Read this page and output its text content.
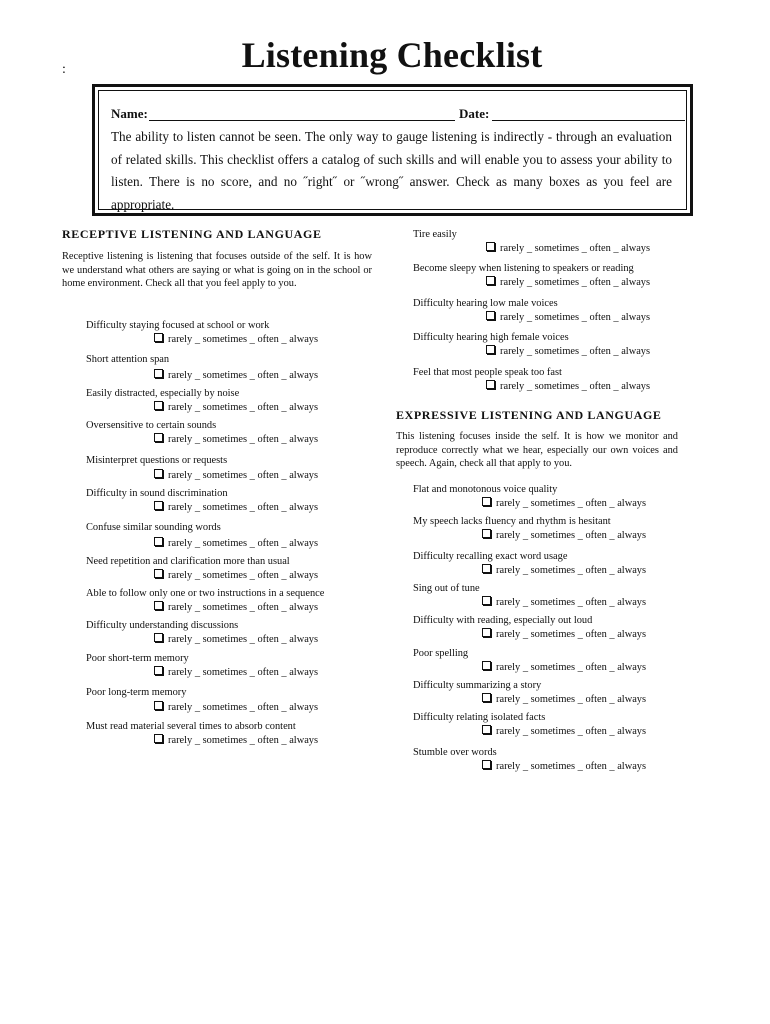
:	Listening Checklist
Name:	Date:
The ability to listen cannot be seen. The only way to gauge listening is indirectly - through an evaluation of related skills. This checklist offers a catalog of such skills and will enable you to assess your ability to listen. There is no score, and no ˝right˝ or ˝wrong˝ answer. Check as many boxes as you feel are appropriate.
RECEPTIVE LISTENING AND LANGUAGE
Receptive listening is listening that focuses outside of the self. It is how we understand what others are saying or what is going on in the school or home environment. Check all that you feel apply to you.
Difficulty staying focused at school or work
rarely _ sometimes _ often _ always
Short attention span
rarely _ sometimes _ often _ always
Easily distracted, especially by noise
rarely _ sometimes _ often _ always
Oversensitive to certain sounds
rarely _ sometimes _ often _ always
Misinterpret questions or requests
rarely _ sometimes _ often _ always
Difficulty in sound discrimination
rarely _ sometimes _ often _ always
Confuse similar sounding words
rarely _ sometimes _ often _ always
Need repetition and clarification more than usual
rarely _ sometimes _ often _ always
Able to follow only one or two instructions in a sequence
rarely _ sometimes _ often _ always
Difficulty understanding discussions
rarely _ sometimes _ often _ always
Poor short-term memory
rarely _ sometimes _ often _ always
Poor long-term memory
rarely _ sometimes _ often _ always
Must read material several times to absorb content
rarely _ sometimes _ often _ always
Tire easily
rarely _ sometimes _ often _ always
Become sleepy when listening to speakers or reading
rarely _ sometimes _ often _ always
Difficulty hearing low male voices
rarely _ sometimes _ often _ always
Difficulty hearing high female voices
rarely _ sometimes _ often _ always
Feel that most people speak too fast
rarely _ sometimes _ often _ always
EXPRESSIVE LISTENING AND LANGUAGE
This listening focuses inside the self. It is how we monitor and reproduce correctly what we hear, especially our own voices and speech. Again, check all that apply to you.
Flat and monotonous voice quality
rarely _ sometimes _ often _ always
My speech lacks fluency and rhythm is hesitant
rarely _ sometimes _ often _ always
Difficulty recalling exact word usage
rarely _ sometimes _ often _ always
Sing out of tune
rarely _ sometimes _ often _ always
Difficulty with reading, especially out loud
rarely _ sometimes _ often _ always
Poor spelling
rarely _ sometimes _ often _ always
Difficulty summarizing a story
rarely _ sometimes _ often _ always
Difficulty relating isolated facts
rarely _ sometimes _ often _ always
Stumble over words
rarely _ sometimes _ often _ always
